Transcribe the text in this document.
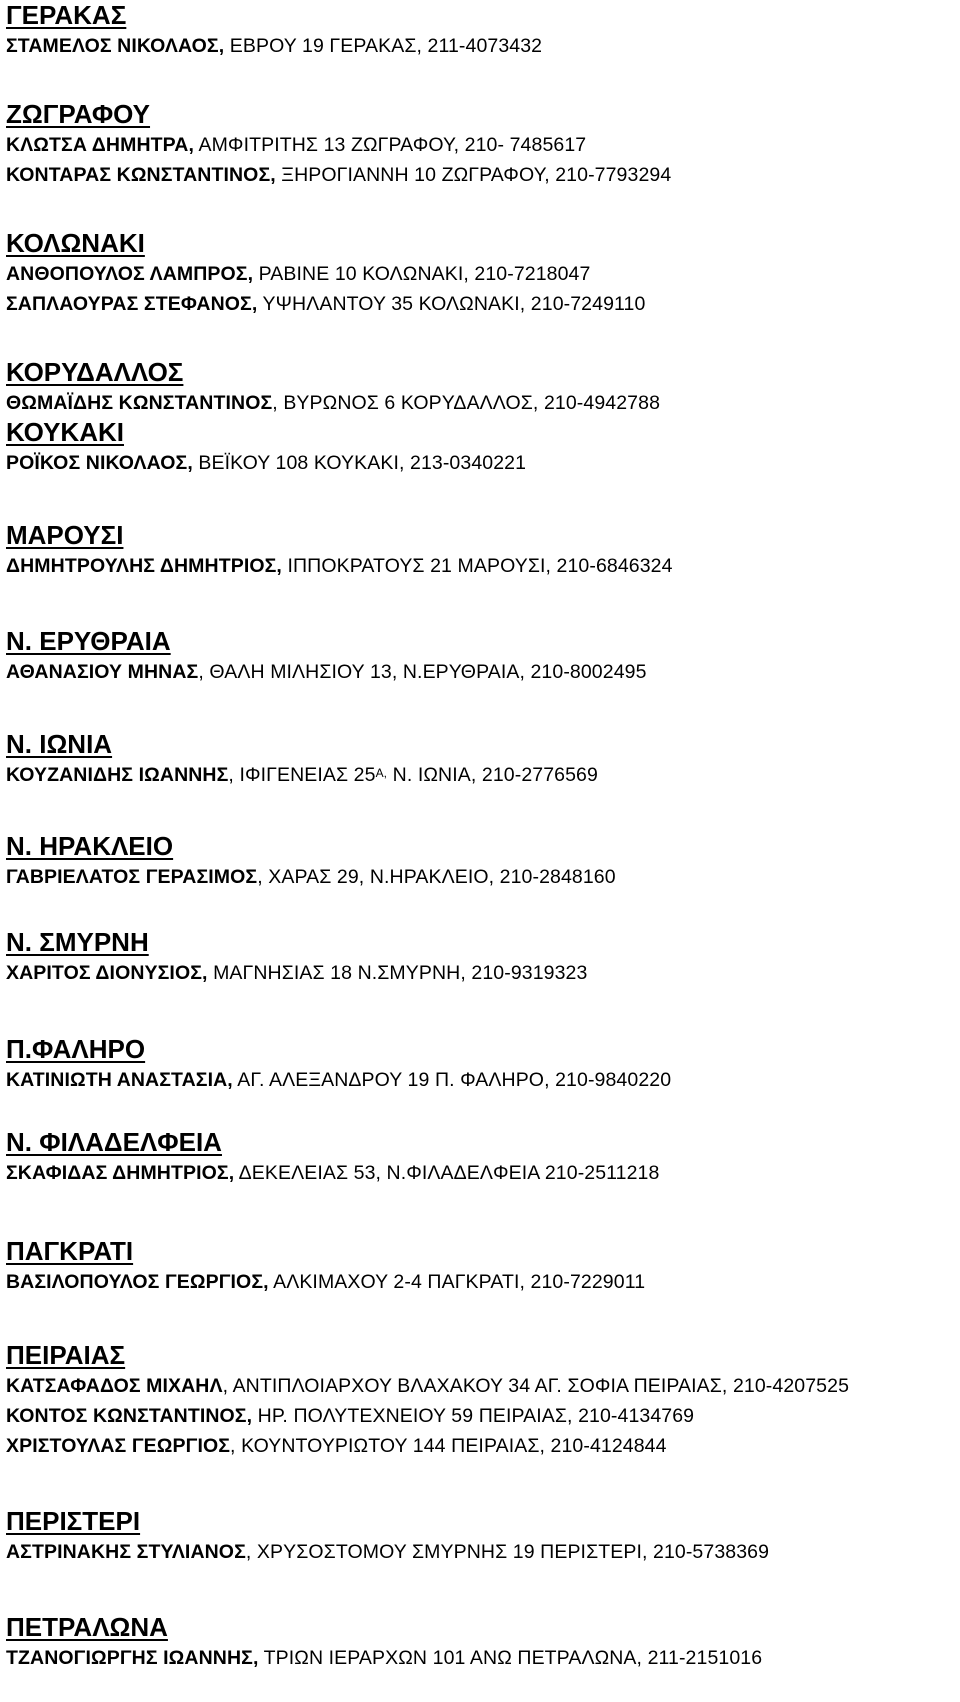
ΓΕΡΑΚΑΣ
ΣΤΑΜΕΛΟΣ ΝΙΚΟΛΑΟΣ, ΕΒΡΟΥ 19 ΓΕΡΑΚΑΣ, 211-4073432
ΖΩΓΡΑΦΟΥ
ΚΛΩΤΣΑ ΔΗΜΗΤΡΑ, ΑΜΦΙΤΡΙΤΗΣ 13 ΖΩΓΡΑΦΟΥ, 210- 7485617
ΚΟΝΤΑΡΑΣ ΚΩΝΣΤΑΝΤΙΝΟΣ, ΞΗΡΟΓΙΑΝΝΗ 10 ΖΩΓΡΑΦΟΥ, 210-7793294
ΚΟΛΩΝΑΚΙ
ΑΝΘΟΠΟΥΛΟΣ ΛΑΜΠΡΟΣ, ΡΑΒΙΝΕ 10 ΚΟΛΩΝΑΚΙ, 210-7218047
ΣΑΠΛΑΟΥΡΑΣ ΣΤΕΦΑΝΟΣ, ΥΨΗΛΑΝΤΟΥ 35 ΚΟΛΩΝΑΚΙ, 210-7249110
ΚΟΡΥΔΑΛΛΟΣ
ΘΩΜΑΪΔΗΣ ΚΩΝΣΤΑΝΤΙΝΟΣ, ΒΥΡΩΝΟΣ 6 ΚΟΡΥΔΑΛΛΟΣ, 210-4942788
ΚΟΥΚΑΚΙ
ΡΟΪΚΟΣ ΝΙΚΟΛΑΟΣ, ΒΕΪΚΟΥ 108 ΚΟΥΚΑΚΙ, 213-0340221
ΜΑΡΟΥΣΙ
ΔΗΜΗΤΡΟΥΛΗΣ ΔΗΜΗΤΡΙΟΣ, ΙΠΠΟΚΡΑΤΟΥΣ 21 ΜΑΡΟΥΣΙ, 210-6846324
Ν. ΕΡΥΘΡΑΙΑ
ΑΘΑΝΑΣΙΟΥ ΜΗΝΑΣ, ΘΑΛΗ ΜΙΛΗΣΙΟΥ 13, Ν.ΕΡΥΘΡΑΙΑ, 210-8002495
Ν. ΙΩΝΙΑ
ΚΟΥΖΑΝΙΔΗΣ ΙΩΑΝΝΗΣ, ΙΦΙΓΕΝΕΙΑΣ $25^{A,}$ Ν. ΙΩΝΙΑ, 210-2776569
Ν. ΗΡΑΚΛΕΙΟ
ΓΑΒΡΙΕΛΑΤΟΣ ΓΕΡΑΣΙΜΟΣ, ΧΑΡΑΣ 29, Ν.ΗΡΑΚΛΕΙΟ, 210-2848160
Ν. ΣΜΥΡΝΗ
ΧΑΡΙΤΟΣ ΔΙΟΝΥΣΙΟΣ, ΜΑΓΝΗΣΙΑΣ 18 Ν.ΣΜΥΡΝΗ, 210-9319323
Π.ΦΑΛΗΡΟ
ΚΑΤΙΝΙΩΤΗ ΑΝΑΣΤΑΣΙΑ, ΑΓ. ΑΛΕΞΑΝΔΡΟΥ 19 Π. ΦΑΛΗΡΟ, 210-9840220
Ν. ΦΙΛΑΔΕΛΦΕΙΑ
ΣΚΑΦΙΔΑΣ ΔΗΜΗΤΡΙΟΣ, ΔΕΚΕΛΕΙΑΣ 53, Ν.ΦΙΛΑΔΕΛΦΕΙΑ 210-2511218
ΠΑΓΚΡΑΤΙ
ΒΑΣΙΛΟΠΟΥΛΟΣ ΓΕΩΡΓΙΟΣ, ΑΛΚΙΜΑΧΟΥ 2-4 ΠΑΓΚΡΑΤΙ, 210-7229011
ΠΕΙΡΑΙΑΣ
ΚΑΤΣΑΦΑΔΟΣ ΜΙΧΑΗΛ, ΑΝΤΙΠΛΟΙΑΡΧΟΥ ΒΛΑΧΑΚΟΥ 34 ΑΓ. ΣΟΦΙΑ ΠΕΙΡΑΙΑΣ, 210-4207525
ΚΟΝΤΟΣ ΚΩΝΣΤΑΝΤΙΝΟΣ, ΗΡ. ΠΟΛΥΤΕΧΝΕΙΟΥ 59 ΠΕΙΡΑΙΑΣ, 210-4134769
ΧΡΙΣΤΟΥΛΑΣ ΓΕΩΡΓΙΟΣ, ΚΟΥΝΤΟΥΡΙΩΤΟΥ 144 ΠΕΙΡΑΙΑΣ, 210-4124844
ΠΕΡΙΣΤΕΡΙ
ΑΣΤΡΙΝΑΚΗΣ ΣΤΥΛΙΑΝΟΣ, ΧΡΥΣΟΣΤΟΜΟΥ ΣΜΥΡΝΗΣ 19 ΠΕΡΙΣΤΕΡΙ, 210-5738369
ΠΕΤΡΑΛΩΝΑ
ΤΖΑΝΟΓΙΩΡΓΗΣ ΙΩΑΝΝΗΣ, ΤΡΙΩΝ ΙΕΡΑΡΧΩΝ 101 ΑΝΩ ΠΕΤΡΑΛΩΝΑ, 211-2151016
